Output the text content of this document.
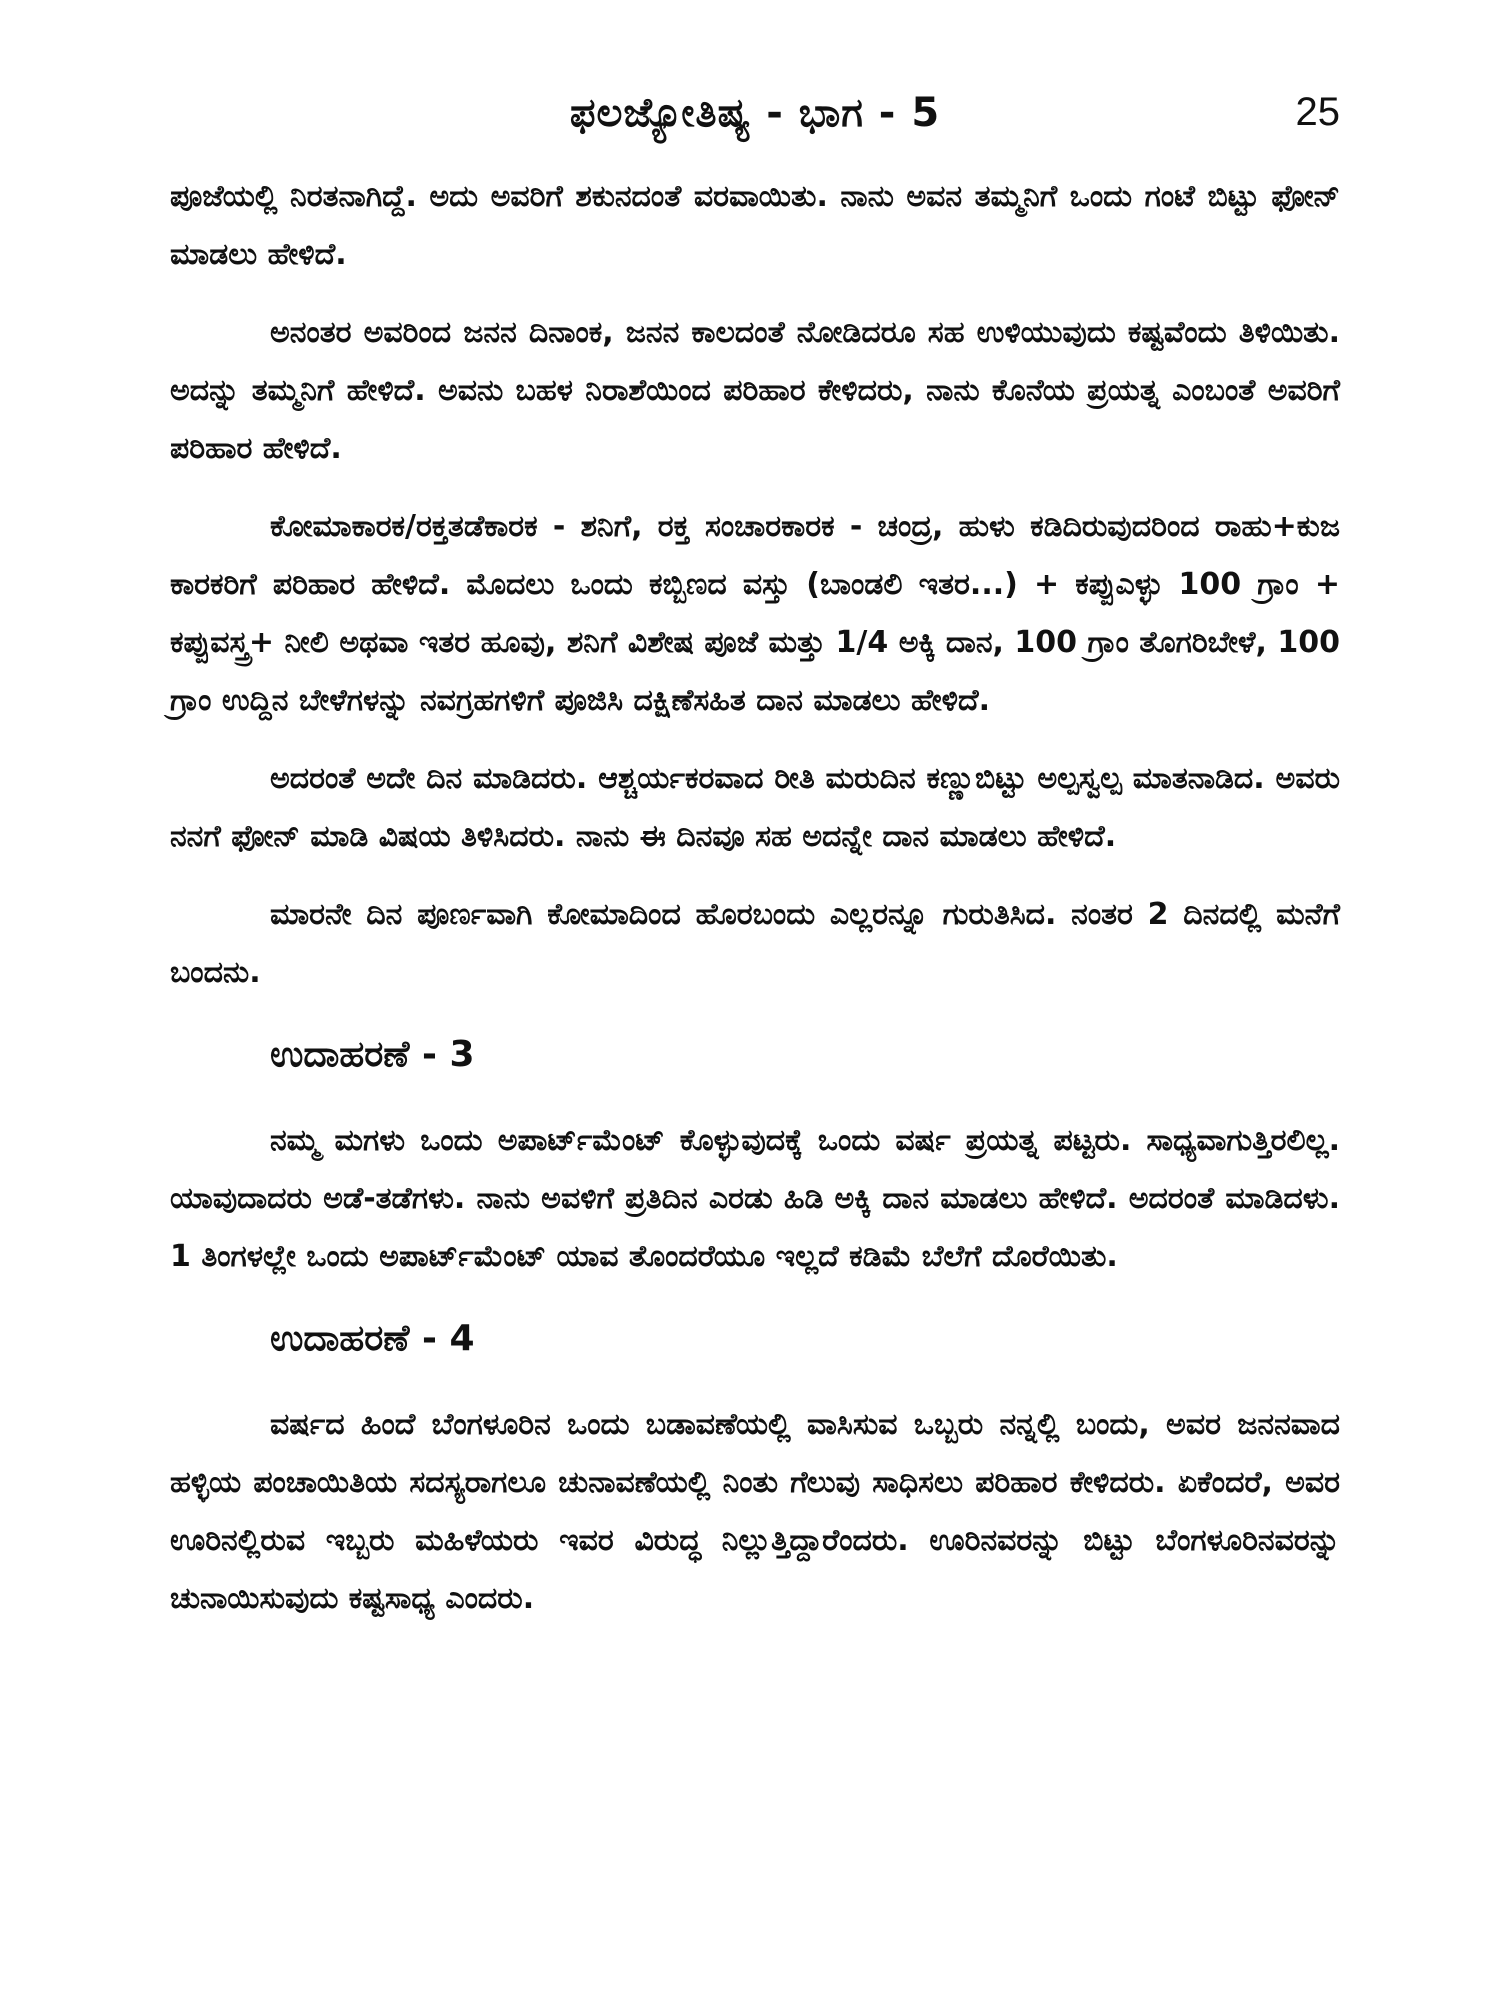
ಫಲಜ್ಯೋತಿಷ್ಯ - ಭಾಗ - 5	25

ಪೂಜೆಯಲ್ಲಿ ನಿರತನಾಗಿದ್ದೆ. ಅದು ಅವರಿಗೆ ಶಕುನದಂತೆ ವರವಾಯಿತು. ನಾನು ಅವನ ತಮ್ಮನಿಗೆ ಒಂದು ಗಂಟೆ ಬಿಟ್ಟು ಫೋನ್ ಮಾಡಲು ಹೇಳಿದೆ.

ಅನಂತರ ಅವರಿಂದ ಜನನ ದಿನಾಂಕ, ಜನನ ಕಾಲದಂತೆ ನೋಡಿದರೂ ಸಹ ಉಳಿಯುವುದು ಕಷ್ಟವೆಂದು ತಿಳಿಯಿತು. ಅದನ್ನು ತಮ್ಮನಿಗೆ ಹೇಳಿದೆ. ಅವನು ಬಹಳ ನಿರಾಶೆಯಿಂದ ಪರಿಹಾರ ಕೇಳಿದರು, ನಾನು ಕೊನೆಯ ಪ್ರಯತ್ನ ಎಂಬಂತೆ ಅವರಿಗೆ ಪರಿಹಾರ ಹೇಳಿದೆ.

ಕೋಮಾಕಾರಕ/ರಕ್ತತಡೆಕಾರಕ - ಶನಿಗೆ, ರಕ್ತ ಸಂಚಾರಕಾರಕ - ಚಂದ್ರ, ಹುಳು ಕಡಿದಿರುವುದರಿಂದ ರಾಹು+ಕುಜ ಕಾರಕರಿಗೆ ಪರಿಹಾರ ಹೇಳಿದೆ. ಮೊದಲು ಒಂದು ಕಬ್ಬಿಣದ ವಸ್ತು (ಬಾಂಡಲಿ ಇತರ...) + ಕಪ್ಪುಎಳ್ಳು 100 ಗ್ರಾಂ + ಕಪ್ಪುವಸ್ತ್ರ+ ನೀಲಿ ಅಥವಾ ಇತರ ಹೂವು, ಶನಿಗೆ ವಿಶೇಷ ಪೂಜೆ ಮತ್ತು 1/4 ಅಕ್ಕಿ ದಾನ, 100 ಗ್ರಾಂ ತೊಗರಿಬೇಳೆ, 100 ಗ್ರಾಂ ಉದ್ದಿನ ಬೇಳೆಗಳನ್ನು ನವಗ್ರಹಗಳಿಗೆ ಪೂಜಿಸಿ ದಕ್ಷಿಣೆಸಹಿತ ದಾನ ಮಾಡಲು ಹೇಳಿದೆ.

ಅದರಂತೆ ಅದೇ ದಿನ ಮಾಡಿದರು. ಆಶ್ಚರ್ಯಕರವಾದ ರೀತಿ ಮರುದಿನ ಕಣ್ಣುಬಿಟ್ಟು ಅಲ್ಪಸ್ವಲ್ಪ ಮಾತನಾಡಿದ. ಅವರು ನನಗೆ ಫೋನ್ ಮಾಡಿ ವಿಷಯ ತಿಳಿಸಿದರು. ನಾನು ಈ ದಿನವೂ ಸಹ ಅದನ್ನೇ ದಾನ ಮಾಡಲು ಹೇಳಿದೆ.

ಮಾರನೇ ದಿನ ಪೂರ್ಣವಾಗಿ ಕೋಮಾದಿಂದ ಹೊರಬಂದು ಎಲ್ಲರನ್ನೂ ಗುರುತಿಸಿದ. ನಂತರ 2 ದಿನದಲ್ಲಿ ಮನೆಗೆ ಬಂದನು.

ಉದಾಹರಣೆ - 3

ನಮ್ಮ ಮಗಳು ಒಂದು ಅಪಾರ್ಟ್‌ಮೆಂಟ್ ಕೊಳ್ಳುವುದಕ್ಕೆ ಒಂದು ವರ್ಷ ಪ್ರಯತ್ನ ಪಟ್ಟರು. ಸಾಧ್ಯವಾಗುತ್ತಿರಲಿಲ್ಲ. ಯಾವುದಾದರು ಅಡೆ-ತಡೆಗಳು. ನಾನು ಅವಳಿಗೆ ಪ್ರತಿದಿನ ಎರಡು ಹಿಡಿ ಅಕ್ಕಿ ದಾನ ಮಾಡಲು ಹೇಳಿದೆ. ಅದರಂತೆ ಮಾಡಿದಳು. 1 ತಿಂಗಳಲ್ಲೇ ಒಂದು ಅಪಾರ್ಟ್‌ಮೆಂಟ್ ಯಾವ ತೊಂದರೆಯೂ ಇಲ್ಲದೆ ಕಡಿಮೆ ಬೆಲೆಗೆ ದೊರೆಯಿತು.

ಉದಾಹರಣೆ - 4

ವರ್ಷದ ಹಿಂದೆ ಬೆಂಗಳೂರಿನ ಒಂದು ಬಡಾವಣೆಯಲ್ಲಿ ವಾಸಿಸುವ ಒಬ್ಬರು ನನ್ನಲ್ಲಿ ಬಂದು, ಅವರ ಜನನವಾದ ಹಳ್ಳಿಯ ಪಂಚಾಯಿತಿಯ ಸದಸ್ಯರಾಗಲೂ ಚುನಾವಣೆಯಲ್ಲಿ ನಿಂತು ಗೆಲುವು ಸಾಧಿಸಲು ಪರಿಹಾರ ಕೇಳಿದರು. ಏಕೆಂದರೆ, ಅವರ ಊರಿನಲ್ಲಿರುವ ಇಬ್ಬರು ಮಹಿಳೆಯರು ಇವರ ವಿರುದ್ಧ ನಿಲ್ಲುತ್ತಿದ್ದಾರೆಂದರು. ಊರಿನವರನ್ನು ಬಿಟ್ಟು ಬೆಂಗಳೂರಿನವರನ್ನು ಚುನಾಯಿಸುವುದು ಕಷ್ಟಸಾಧ್ಯ ಎಂದರು.
